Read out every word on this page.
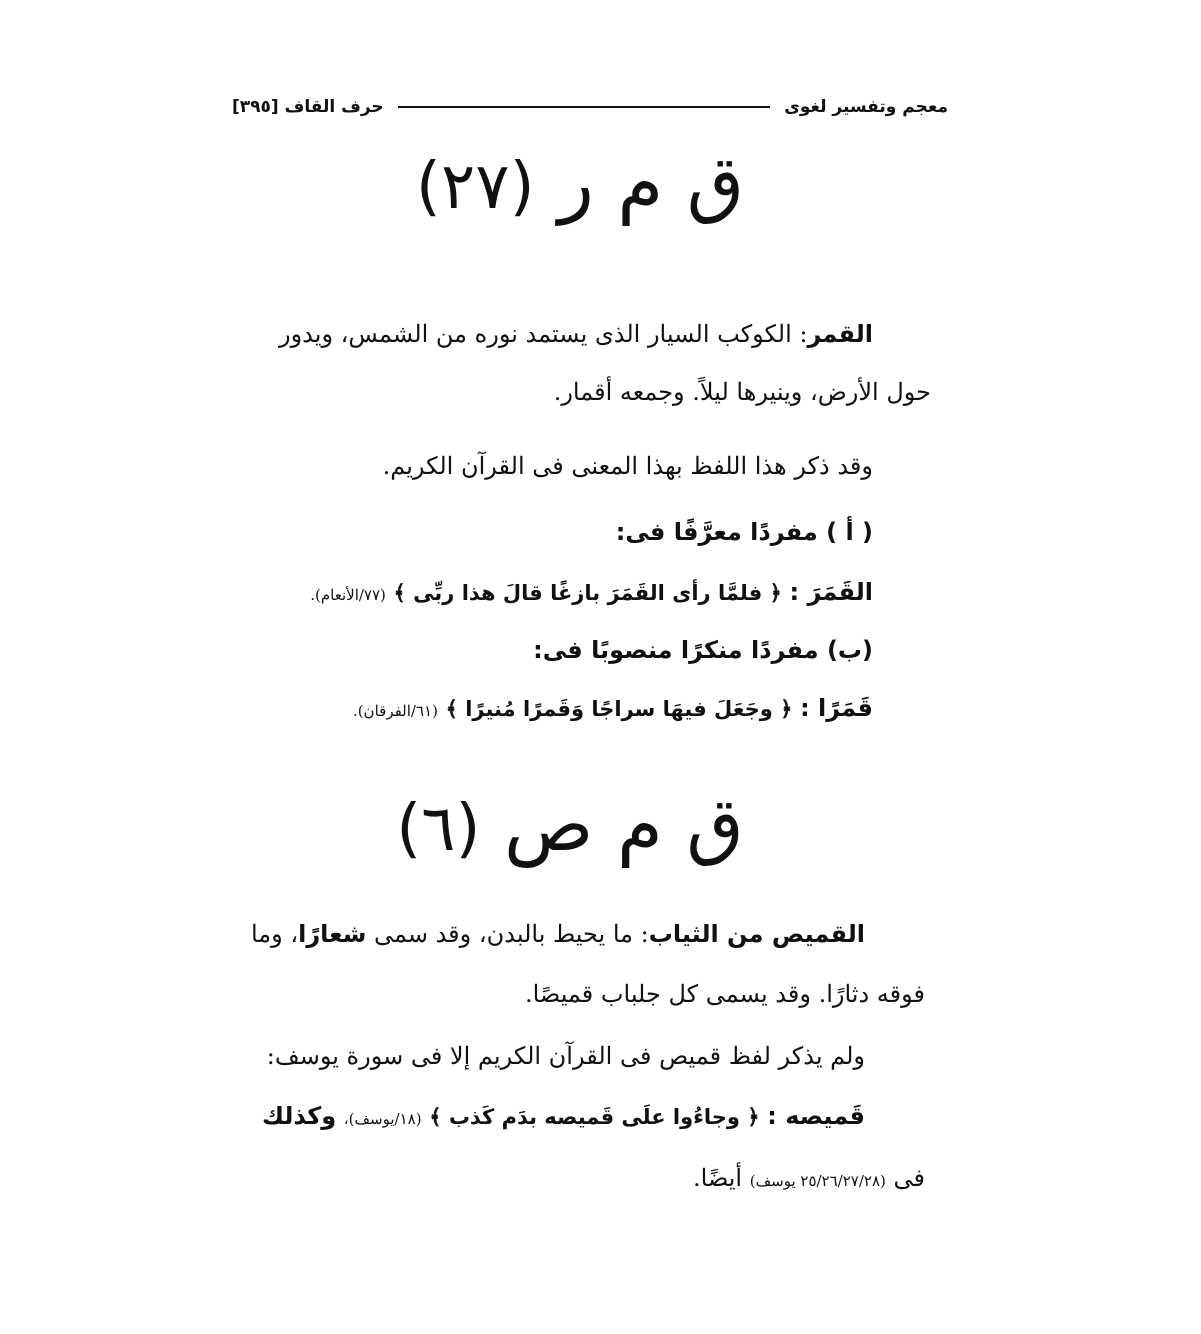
معجم وتفسير لغوى
حرف القاف [٣٩٥]
ق م ر (٢٧)
القمر: الكوكب السيار الذى يستمد نوره من الشمس، ويدور
حول الأرض، وينيرها ليلاً. وجمعه أقمار.
وقد ذكر هذا اللفظ بهذا المعنى فى القرآن الكريم.
( أ ) مفردًا معرَّفًا فى:
القَمَرَ : ﴿ فلمَّا رأى القَمَرَ بازغًا قالَ هذا ربِّى ﴾ (٧٧/الأنعام).
(ب) مفردًا منكرًا منصوبًا فى:
قَمَرًا : ﴿ وجَعَلَ فيهَا سراجًا وَقَمرًا مُنيرًا ﴾ (٦١/الفرقان).
ق م ص (٦)
القميص من الثياب: ما يحيط بالبدن، وقد سمى شعارًا، وما
فوقه دثارًا. وقد يسمى كل جلباب قميصًا.
ولم يذكر لفظ قميص فى القرآن الكريم إلا فى سورة يوسف:
قَميصه : ﴿ وجاءُوا علَى قَميصه بدَم كَذب ﴾ (١٨/يوسف)، وكذلك
فى (٢٥/٢٦/٢٧/٢٨ يوسف) أيضًا.
